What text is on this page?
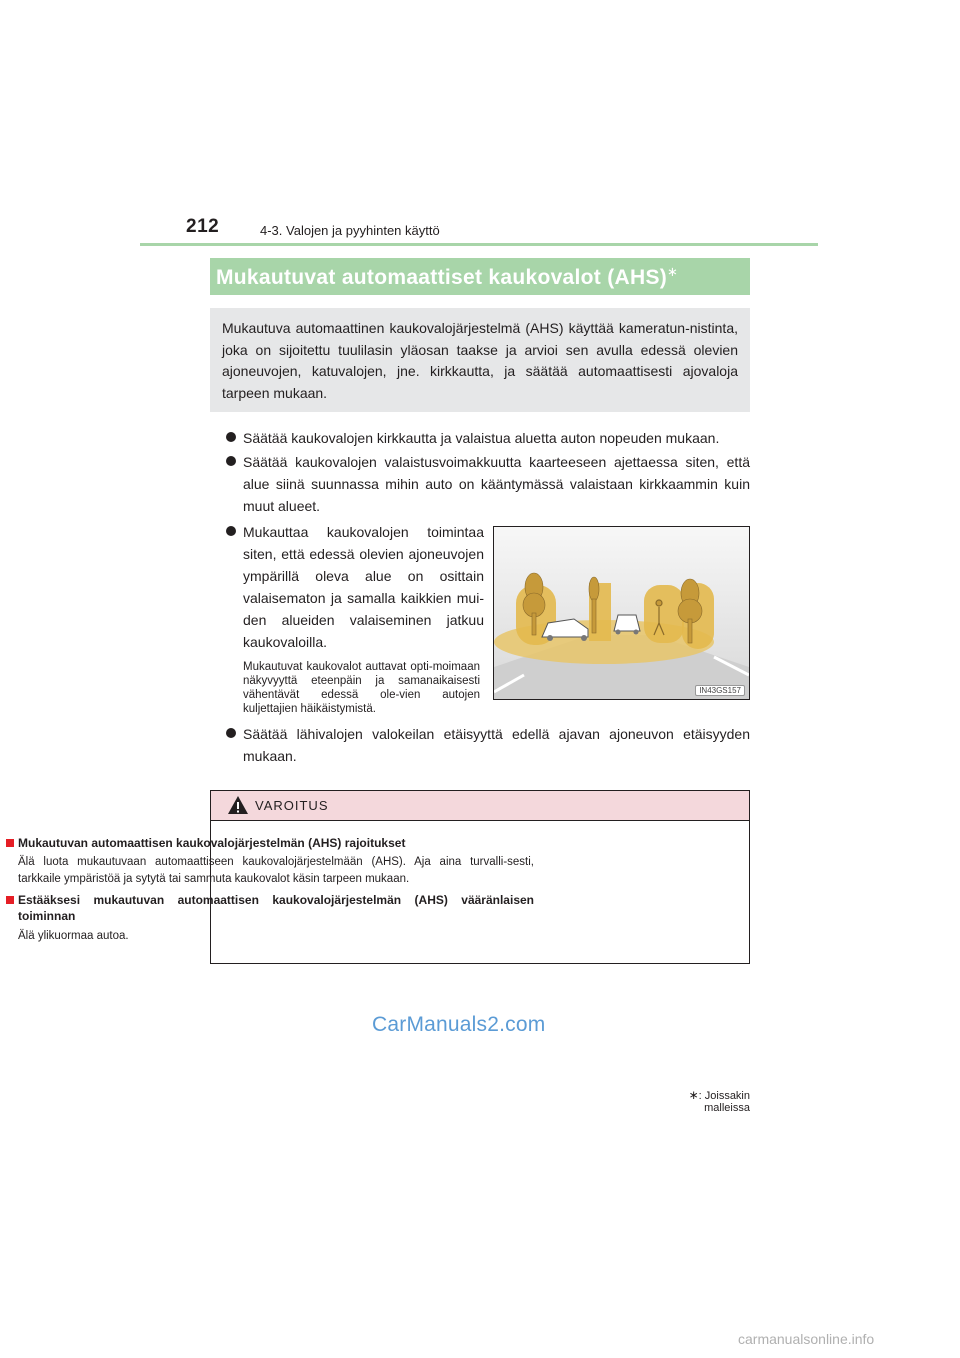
212	4-3. Valojen ja pyyhinten käyttö
Mukautuvat automaattiset kaukovalot (AHS)∗
Mukautuva automaattinen kaukovalojärjestelmä (AHS) käyttää kameratun-nistinta, joka on sijoitettu tuulilasin yläosan taakse ja arvioi sen avulla edessä olevien ajoneuvojen, katuvalojen, jne. kirkkautta, ja säätää automaattisesti ajovaloja tarpeen mukaan.
Säätää kaukovalojen kirkkautta ja valaistua aluetta auton nopeuden mukaan.
Säätää kaukovalojen valaistusvoimakkuutta kaarteeseen ajettaessa siten, että alue siinä suunnassa mihin auto on kääntymässä valaistaan kirkkaammin kuin muut alueet.
Mukauttaa kaukovalojen toimintaa siten, että edessä olevien ajoneuvojen ympärillä oleva alue on osittain valaisematon ja samalla kaikkien mui-den alueiden valaiseminen jatkuu kaukovaloilla.
Mukautuvat kaukovalot auttavat opti-moimaan näkyvyyttä eteenpäin ja samanaikaisesti vähentävät edessä ole-vien autojen kuljettajien häikäistymistä.
IN43GS157
Säätää lähivalojen valokeilan etäisyyttä edellä ajavan ajoneuvon etäisyyden mukaan.
VAROITUS
Mukautuvan automaattisen kaukovalojärjestelmän (AHS) rajoitukset
Älä luota mukautuvaan automaattiseen kaukovalojärjestelmään (AHS). Aja aina turvalli-sesti, tarkkaile ympäristöä ja sytytä tai sammuta kaukovalot käsin tarpeen mukaan.
Estääksesi mukautuvan automaattisen kaukovalojärjestelmän (AHS) vääränlaisen toiminnan
Älä ylikuormaa autoa.
CarManuals2.com
∗: Joissakin malleissa
carmanualsonline.info
